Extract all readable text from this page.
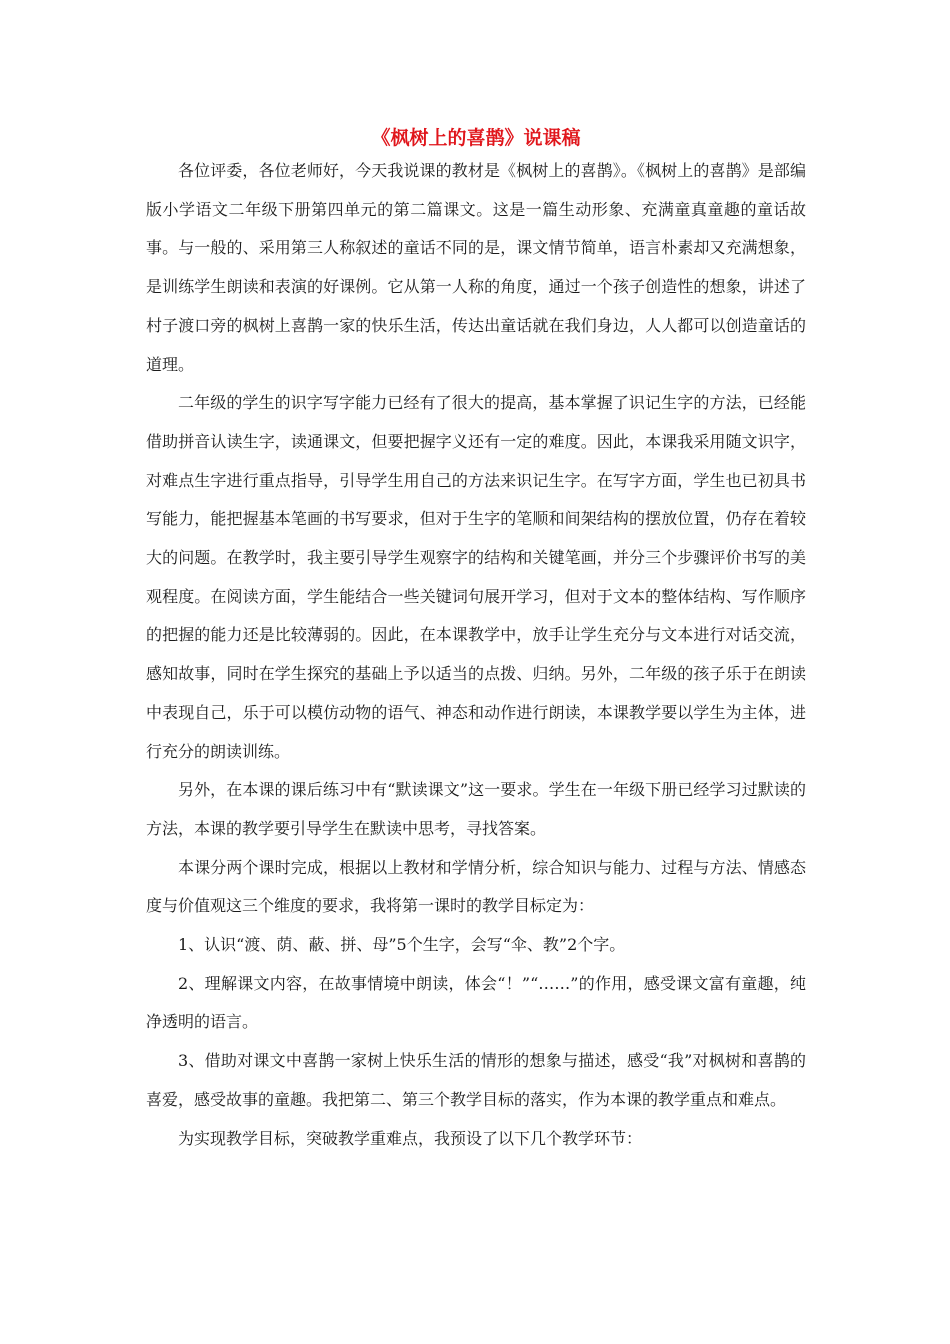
《枫树上的喜鹊》说课稿

各位评委，各位老师好，今天我说课的教材是《枫树上的喜鹊》。《枫树上的喜鹊》是部编版小学语文二年级下册第四单元的第二篇课文。这是一篇生动形象、充满童真童趣的童话故事。与一般的、采用第三人称叙述的童话不同的是，课文情节简单，语言朴素却又充满想象，是训练学生朗读和表演的好课例。它从第一人称的角度，通过一个孩子创造性的想象，讲述了村子渡口旁的枫树上喜鹊一家的快乐生活，传达出童话就在我们身边，人人都可以创造童话的道理。

二年级的学生的识字写字能力已经有了很大的提高，基本掌握了识记生字的方法，已经能借助拼音认读生字，读通课文，但要把握字义还有一定的难度。因此，本课我采用随文识字，对难点生字进行重点指导，引导学生用自己的方法来识记生字。在写字方面，学生也已初具书写能力，能把握基本笔画的书写要求，但对于生字的笔顺和间架结构的摆放位置，仍存在着较大的问题。在教学时，我主要引导学生观察字的结构和关键笔画，并分三个步骤评价书写的美观程度。在阅读方面，学生能结合一些关键词句展开学习，但对于文本的整体结构、写作顺序的把握的能力还是比较薄弱的。因此，在本课教学中，放手让学生充分与文本进行对话交流，感知故事，同时在学生探究的基础上予以适当的点拨、归纳。另外，二年级的孩子乐于在朗读中表现自己，乐于可以模仿动物的语气、神态和动作进行朗读，本课教学要以学生为主体，进行充分的朗读训练。

另外，在本课的课后练习中有“默读课文”这一要求。学生在一年级下册已经学习过默读的方法，本课的教学要引导学生在默读中思考，寻找答案。

本课分两个课时完成，根据以上教材和学情分析，综合知识与能力、过程与方法、情感态度与价值观这三个维度的要求，我将第一课时的教学目标定为：

1、认识“渡、荫、蔽、拼、母”5个生字，会写“伞、教”2个字。

2、理解课文内容，在故事情境中朗读，体会“！”“……”的作用，感受课文富有童趣，纯净透明的语言。

3、借助对课文中喜鹊一家树上快乐生活的情形的想象与描述，感受“我”对枫树和喜鹊的喜爱，感受故事的童趣。我把第二、第三个教学目标的落实，作为本课的教学重点和难点。

为实现教学目标，突破教学重难点，我预设了以下几个教学环节：
